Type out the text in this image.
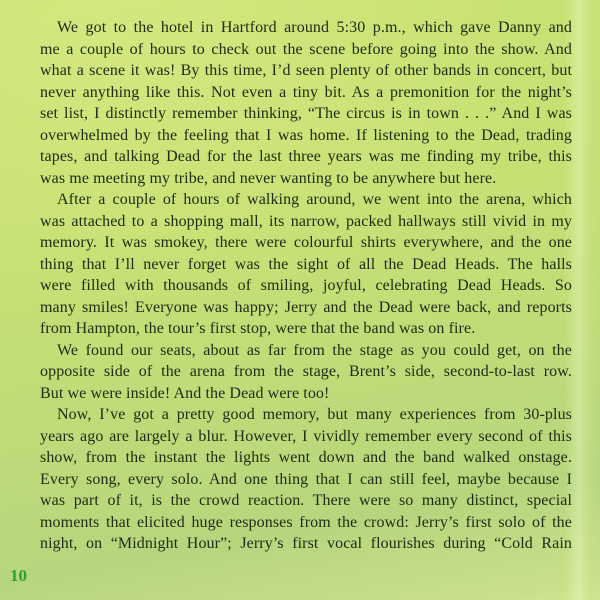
We got to the hotel in Hartford around 5:30 p.m., which gave Danny and
me a couple of hours to check out the scene before going into the show. And
what a scene it was! By this time, I’d seen plenty of other bands in concert, but
never anything like this. Not even a tiny bit. As a premonition for the night’s
set list, I distinctly remember thinking, “The circus is in town . . .” And I was
overwhelmed by the feeling that I was home. If listening to the Dead, trading
tapes, and talking Dead for the last three years was me finding my tribe, this
was me meeting my tribe, and never wanting to be anywhere but here.
After a couple of hours of walking around, we went into the arena, which
was attached to a shopping mall, its narrow, packed hallways still vivid in my
memory. It was smokey, there were colourful shirts everywhere, and the one
thing that I’ll never forget was the sight of all the Dead Heads. The halls
were filled with thousands of smiling, joyful, celebrating Dead Heads. So
many smiles! Everyone was happy; Jerry and the Dead were back, and reports
from Hampton, the tour’s first stop, were that the band was on fire.
We found our seats, about as far from the stage as you could get, on the
opposite side of the arena from the stage, Brent’s side, second-to-last row.
But we were inside! And the Dead were too!
Now, I’ve got a pretty good memory, but many experiences from 30-plus
years ago are largely a blur. However, I vividly remember every second of this
show, from the instant the lights went down and the band walked onstage.
Every song, every solo. And one thing that I can still feel, maybe because I
was part of it, is the crowd reaction. There were so many distinct, special
moments that elicited huge responses from the crowd: Jerry’s first solo of the
night, on “Midnight Hour”; Jerry’s first vocal flourishes during “Cold Rain
10
